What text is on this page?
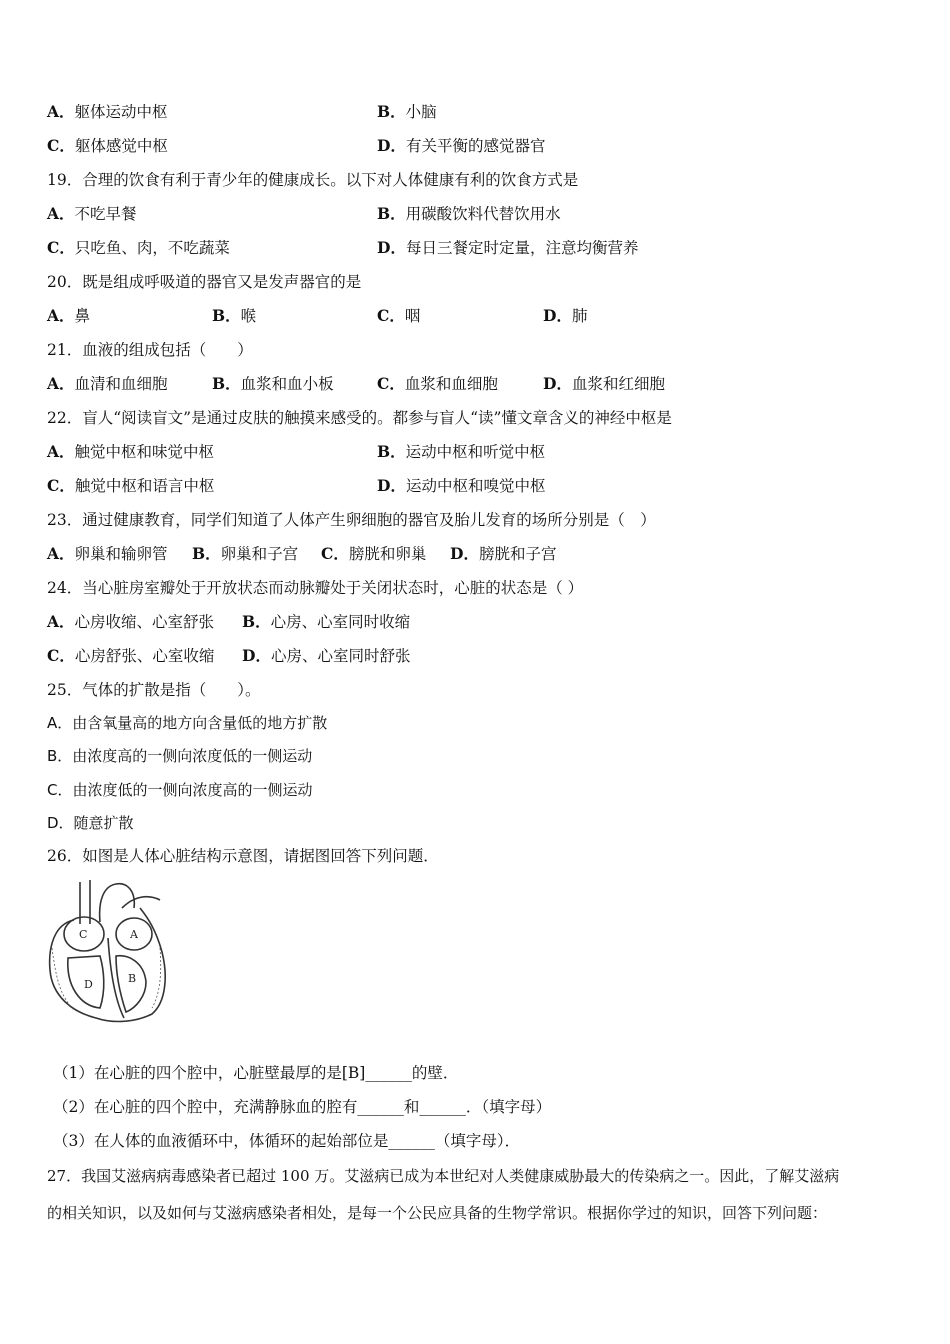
A．躯体运动中枢	B．小脑
C．躯体感觉中枢	D．有关平衡的感觉器官
19．合理的饮食有利于青少年的健康成长。以下对人体健康有利的饮食方式是
A．不吃早餐	B．用碳酸饮料代替饮用水
C．只吃鱼、肉，不吃蔬菜	D．每日三餐定时定量，注意均衡营养
20．既是组成呼吸道的器官又是发声器官的是
A．鼻	B．喉	C．咽	D．肺
21．血液的组成包括（　　）
A．血清和血细胞	B．血浆和血小板	C．血浆和血细胞	D．血浆和红细胞
22．盲人“阅读盲文”是通过皮肤的触摸来感受的。都参与盲人“读”懂文章含义的神经中枢是
A．触觉中枢和味觉中枢	B．运动中枢和听觉中枢
C．触觉中枢和语言中枢	D．运动中枢和嗅觉中枢
23．通过健康教育，同学们知道了人体产生卵细胞的器官及胎儿发育的场所分别是（　）
A．卵巢和输卵管 B．卵巢和子宫 C．膀胱和卵巢 D．膀胱和子宫
24．当心脏房室瓣处于开放状态而动脉瓣处于关闭状态时，心脏的状态是（ ）
A．心房收缩、心室舒张 B．心房、心室同时收缩
C．心房舒张、心室收缩 D．心房、心室同时舒张
25．气体的扩散是指（　　）。
A．由含氧量高的地方向含量低的地方扩散
B．由浓度高的一侧向浓度低的一侧运动
C．由浓度低的一侧向浓度高的一侧运动
D．随意扩散
26．如图是人体心脏结构示意图，请据图回答下列问题．
C	A
D	B
（1）在心脏的四个腔中，心脏壁最厚的是[B]______的壁．
（2）在心脏的四个腔中，充满静脉血的腔有______和______．（填字母）
（3）在人体的血液循环中，体循环的起始部位是______（填字母）．
27．我国艾滋病病毒感染者已超过 100 万。艾滋病已成为本世纪对人类健康威胁最大的传染病之一。因此，了解艾滋病
的相关知识，以及如何与艾滋病感染者相处，是每一个公民应具备的生物学常识。根据你学过的知识，回答下列问题：
